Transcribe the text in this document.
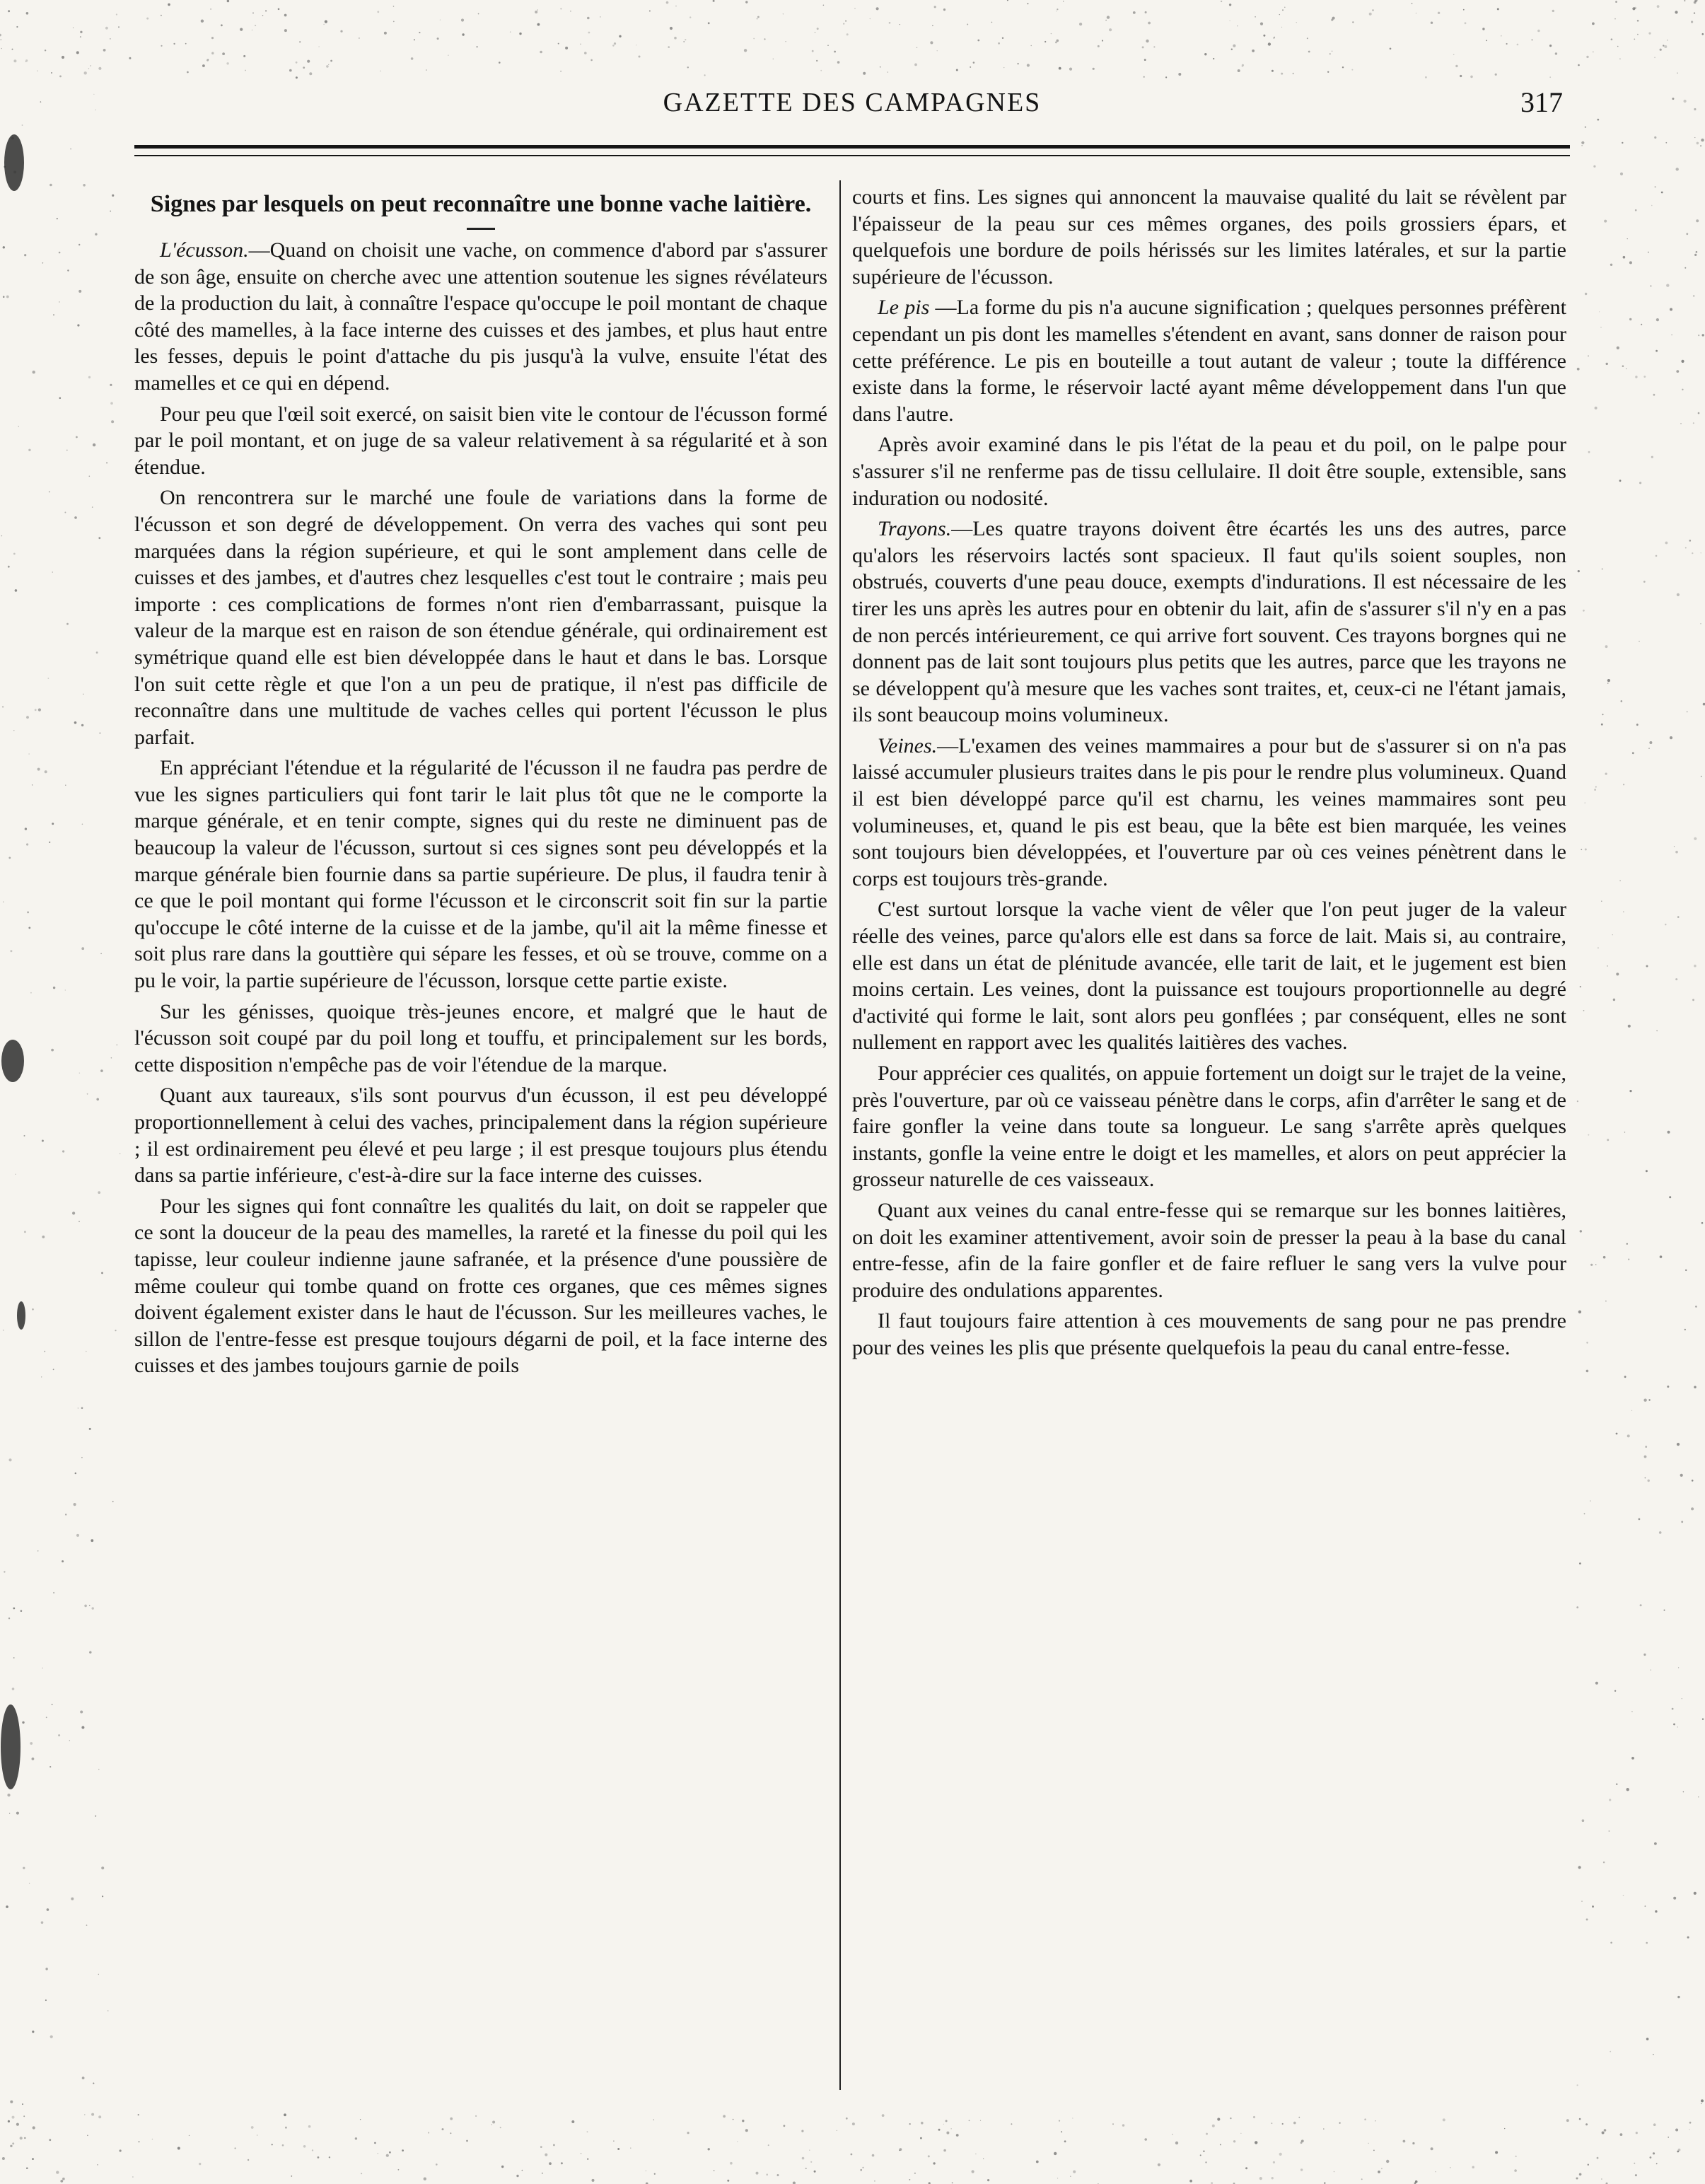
GAZETTE DES CAMPAGNES	317
Signes par lesquels on peut reconnaître une bonne vache laitière.

L'écusson.—Quand on choisit une vache, on commence d'abord par s'assurer de son âge, ensuite on cherche avec une attention soutenue les signes révélateurs de la production du lait, à connaître l'espace qu'occupe le poil montant de chaque côté des mamelles, à la face interne des cuisses et des jambes, et plus haut entre les fesses, depuis le point d'attache du pis jusqu'à la vulve, ensuite l'état des mamelles et ce qui en dépend.

Pour peu que l'œil soit exercé, on saisit bien vite le contour de l'écusson formé par le poil montant, et on juge de sa valeur relativement à sa régularité et à son étendue.

On rencontrera sur le marché une foule de variations dans la forme de l'écusson et son degré de développement. On verra des vaches qui sont peu marquées dans la région supérieure, et qui le sont amplement dans celle de cuisses et des jambes, et d'autres chez lesquelles c'est tout le contraire ; mais peu importe : ces complications de formes n'ont rien d'embarrassant, puisque la valeur de la marque est en raison de son étendue générale, qui ordinairement est symétrique quand elle est bien développée dans le haut et dans le bas. Lorsque l'on suit cette règle et que l'on a un peu de pratique, il n'est pas difficile de reconnaître dans une multitude de vaches celles qui portent l'écusson le plus parfait.

En appréciant l'étendue et la régularité de l'écusson il ne faudra pas perdre de vue les signes particuliers qui font tarir le lait plus tôt que ne le comporte la marque générale, et en tenir compte, signes qui du reste ne diminuent pas de beaucoup la valeur de l'écusson, surtout si ces signes sont peu développés et la marque générale bien fournie dans sa partie supérieure. De plus, il faudra tenir à ce que le poil montant qui forme l'écusson et le circonscrit soit fin sur la partie qu'occupe le côté interne de la cuisse et de la jambe, qu'il ait la même finesse et soit plus rare dans la gouttière qui sépare les fesses, et où se trouve, comme on a pu le voir, la partie supérieure de l'écusson, lorsque cette partie existe.

Sur les génisses, quoique très-jeunes encore, et malgré que le haut de l'écusson soit coupé par du poil long et touffu, et principalement sur les bords, cette disposition n'empêche pas de voir l'étendue de la marque.

Quant aux taureaux, s'ils sont pourvus d'un écusson, il est peu développé proportionnellement à celui des vaches, principalement dans la région supérieure ; il est ordinairement peu élevé et peu large ; il est presque toujours plus étendu dans sa partie inférieure, c'est-à-dire sur la face interne des cuisses.

Pour les signes qui font connaître les qualités du lait, on doit se rappeler que ce sont la douceur de la peau des mamelles, la rareté et la finesse du poil qui les tapisse, leur couleur indienne jaune safranée, et la présence d'une poussière de même couleur qui tombe quand on frotte ces organes, que ces mêmes signes doivent également exister dans le haut de l'écusson. Sur les meilleures vaches, le sillon de l'entre-fesse est presque toujours dégarni de poil, et la face interne des cuisses et des jambes toujours garnie de poils

courts et fins. Les signes qui annoncent la mauvaise qualité du lait se révèlent par l'épaisseur de la peau sur ces mêmes organes, des poils grossiers épars, et quelquefois une bordure de poils hérissés sur les limites latérales, et sur la partie supérieure de l'écusson.

Le pis —La forme du pis n'a aucune signification ; quelques personnes préfèrent cependant un pis dont les mamelles s'étendent en avant, sans donner de raison pour cette préférence. Le pis en bouteille a tout autant de valeur ; toute la différence existe dans la forme, le réservoir lacté ayant même développement dans l'un que dans l'autre.

Après avoir examiné dans le pis l'état de la peau et du poil, on le palpe pour s'assurer s'il ne renferme pas de tissu cellulaire. Il doit être souple, extensible, sans induration ou nodosité.

Trayons.—Les quatre trayons doivent être écartés les uns des autres, parce qu'alors les réservoirs lactés sont spacieux. Il faut qu'ils soient souples, non obstrués, couverts d'une peau douce, exempts d'indurations. Il est nécessaire de les tirer les uns après les autres pour en obtenir du lait, afin de s'assurer s'il n'y en a pas de non percés intérieurement, ce qui arrive fort souvent. Ces trayons borgnes qui ne donnent pas de lait sont toujours plus petits que les autres, parce que les trayons ne se développent qu'à mesure que les vaches sont traites, et, ceux-ci ne l'étant jamais, ils sont beaucoup moins volumineux.

Veines.—L'examen des veines mammaires a pour but de s'assurer si on n'a pas laissé accumuler plusieurs traites dans le pis pour le rendre plus volumineux. Quand il est bien développé parce qu'il est charnu, les veines mammaires sont peu volumineuses, et, quand le pis est beau, que la bête est bien marquée, les veines sont toujours bien développées, et l'ouverture par où ces veines pénètrent dans le corps est toujours très-grande.

C'est surtout lorsque la vache vient de vêler que l'on peut juger de la valeur réelle des veines, parce qu'alors elle est dans sa force de lait. Mais si, au contraire, elle est dans un état de plénitude avancée, elle tarit de lait, et le jugement est bien moins certain. Les veines, dont la puissance est toujours proportionnelle au degré d'activité qui forme le lait, sont alors peu gonflées ; par conséquent, elles ne sont nullement en rapport avec les qualités laitières des vaches.

Pour apprécier ces qualités, on appuie fortement un doigt sur le trajet de la veine, près l'ouverture, par où ce vaisseau pénètre dans le corps, afin d'arrêter le sang et de faire gonfler la veine dans toute sa longueur. Le sang s'arrête après quelques instants, gonfle la veine entre le doigt et les mamelles, et alors on peut apprécier la grosseur naturelle de ces vaisseaux.

Quant aux veines du canal entre-fesse qui se remarque sur les bonnes laitières, on doit les examiner attentivement, avoir soin de presser la peau à la base du canal entre-fesse, afin de la faire gonfler et de faire refluer le sang vers la vulve pour produire des ondulations apparentes.

Il faut toujours faire attention à ces mouvements de sang pour ne pas prendre pour des veines les plis que présente quelquefois la peau du canal entre-fesse.
